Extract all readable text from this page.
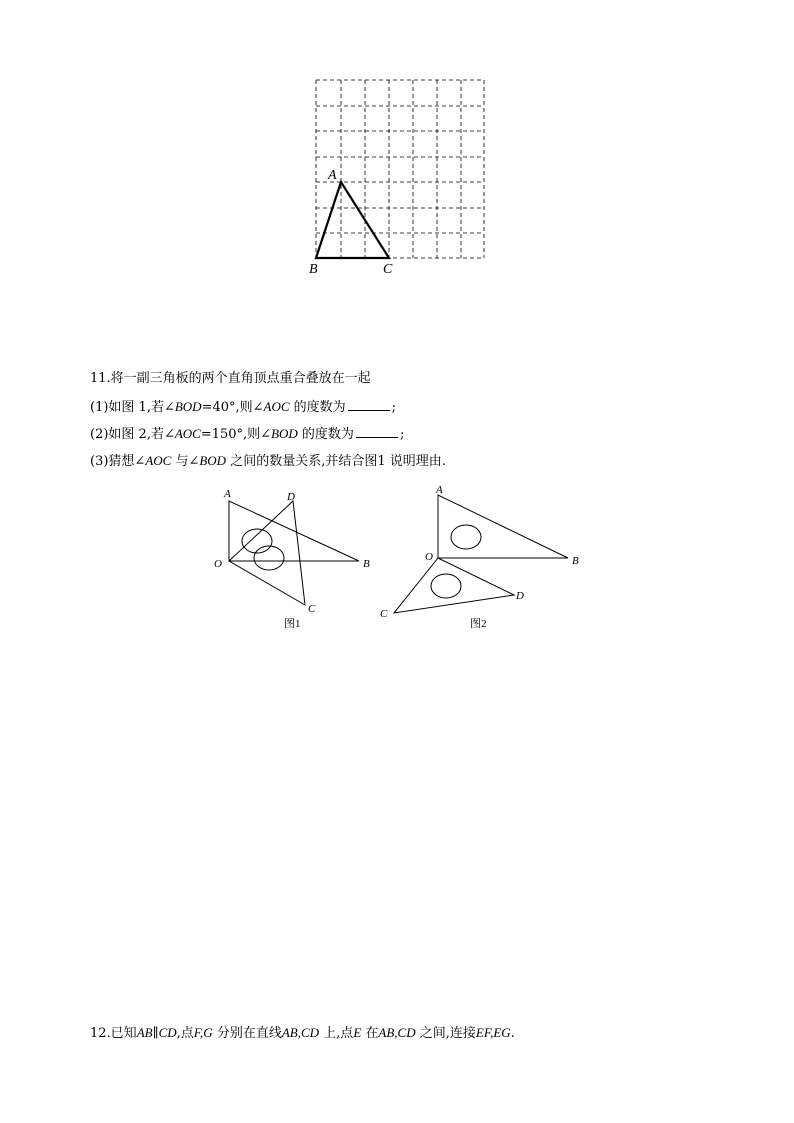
A
B	C
11.将一副三角板的两个直角顶点重合叠放在一起
(1)如图 1,若∠BOD=40°,则∠AOC 的度数为	;
(2)如图 2,若∠AOC=150°,则∠BOD 的度数为	;
(3)猜想∠AOC 与∠BOD 之间的数量关系,并结合图1 说明理由.
A	D
O	B
C
图1
A
O	B
C
D
图2
12.已知AB∥CD,点F,G 分别在直线AB,CD 上,点E 在AB,CD 之间,连接EF,EG.
